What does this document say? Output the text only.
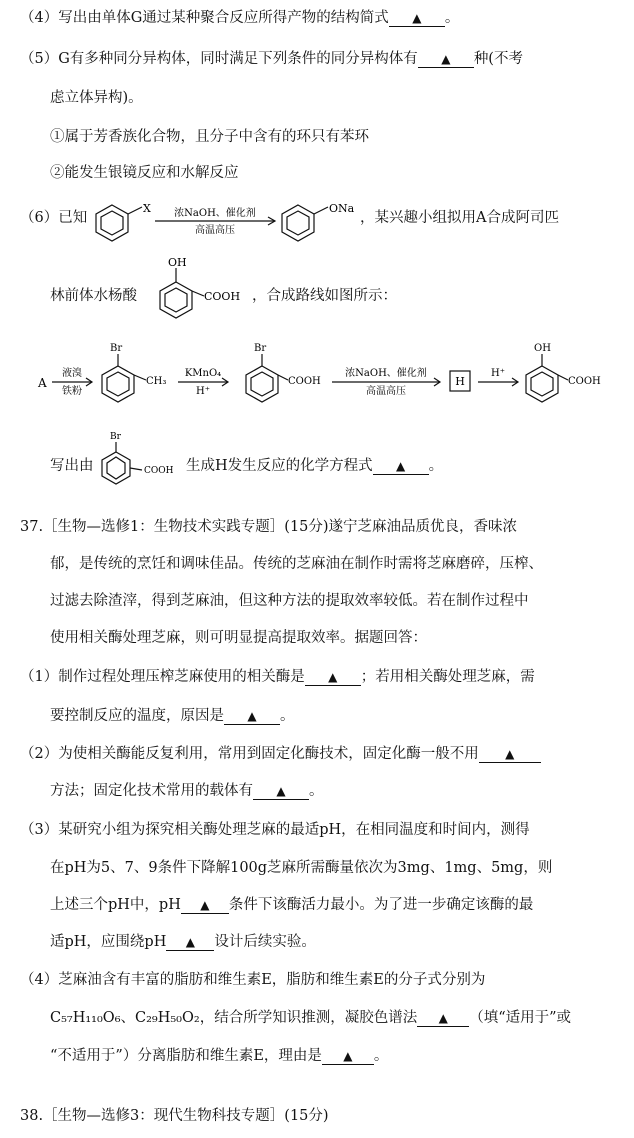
（4）写出由单体G通过某种聚合反应所得产物的结构简式 ▲ 。
（5）G有多种同分异构体，同时满足下列条件的同分异构体有 ▲ 种(不考
虑立体异构)。
①属于芳香族化合物，且分子中含有的环只有苯环
②能发生银镜反应和水解反应
（6）已知
X 浓NaOH、催化剂
高温高压
ONa
，某兴趣小组拟用A合成阿司匹
林前体水杨酸
OH
COOH ，合成路线如图所示：
A
液溴
铁粉
Br
CH₃
KMnO₄
H⁺
Br
COOH
浓NaOH、催化剂
高温高压
H
H⁺
OH
COOH
写出由
Br
COOH 生成H发生反应的化学方程式 ▲ 。
37.［生物—选修1：生物技术实践专题］(15分)遂宁芝麻油品质优良，香味浓
郁，是传统的烹饪和调味佳品。传统的芝麻油在制作时需将芝麻磨碎，压榨、
过滤去除渣滓，得到芝麻油，但这种方法的提取效率较低。若在制作过程中
使用相关酶处理芝麻，则可明显提高提取效率。据题回答：
（1）制作过程处理压榨芝麻使用的相关酶是 ▲ ；若用相关酶处理芝麻，需
要控制反应的温度，原因是 ▲ 。
（2）为使相关酶能反复利用，常用到固定化酶技术，固定化酶一般不用 ▲
方法；固定化技术常用的载体有 ▲ 。
（3）某研究小组为探究相关酶处理芝麻的最适pH，在相同温度和时间内，测得
在pH为5、7、9条件下降解100g芝麻所需酶量依次为3mg、1mg、5mg，则
上述三个pH中，pH ▲ 条件下该酶活力最小。为了进一步确定该酶的最
适pH，应围绕pH ▲ 设计后续实验。
（4）芝麻油含有丰富的脂肪和维生素E，脂肪和维生素E的分子式分别为
C₅₇H₁₁₀O₆、C₂₉H₅₀O₂，结合所学知识推测，凝胶色谱法 ▲ （填“适用于”或
“不适用于”）分离脂肪和维生素E，理由是 ▲ 。
38.［生物—选修3：现代生物科技专题］(15分)
